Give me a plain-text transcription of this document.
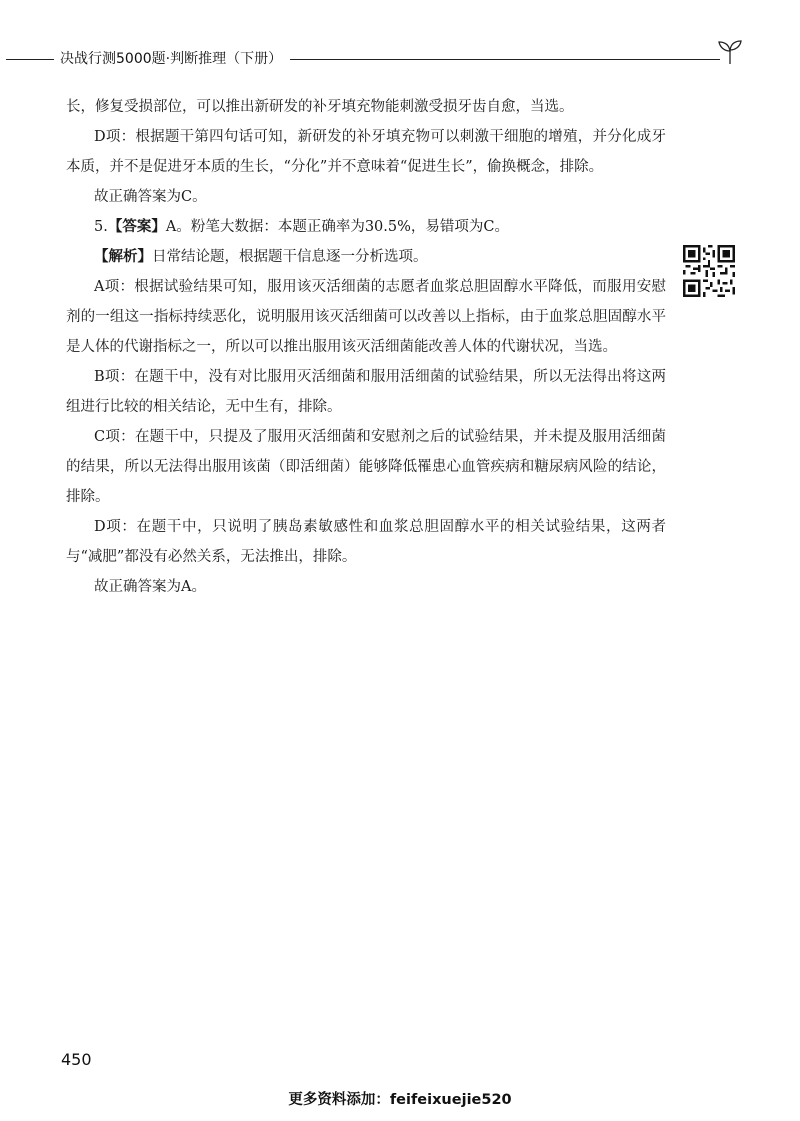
决战行测5000题·判断推理（下册）

长，修复受损部位，可以推出新研发的补牙填充物能刺激受损牙齿自愈，当选。

D项：根据题干第四句话可知，新研发的补牙填充物可以刺激干细胞的增殖，并分化成牙本质，并不是促进牙本质的生长，“分化”并不意味着“促进生长”，偷换概念，排除。

故正确答案为C。

5.【答案】A。粉笔大数据：本题正确率为30.5%，易错项为C。

【解析】日常结论题，根据题干信息逐一分析选项。

A项：根据试验结果可知，服用该灭活细菌的志愿者血浆总胆固醇水平降低，而服用安慰剂的一组这一指标持续恶化，说明服用该灭活细菌可以改善以上指标，由于血浆总胆固醇水平是人体的代谢指标之一，所以可以推出服用该灭活细菌能改善人体的代谢状况，当选。

B项：在题干中，没有对比服用灭活细菌和服用活细菌的试验结果，所以无法得出将这两组进行比较的相关结论，无中生有，排除。

C项：在题干中，只提及了服用灭活细菌和安慰剂之后的试验结果，并未提及服用活细菌的结果，所以无法得出服用该菌（即活细菌）能够降低罹患心血管疾病和糖尿病风险的结论，排除。

D项：在题干中，只说明了胰岛素敏感性和血浆总胆固醇水平的相关试验结果，这两者与“减肥”都没有必然关系，无法推出，排除。

故正确答案为A。

450
更多资料添加：feifeixuejie520
